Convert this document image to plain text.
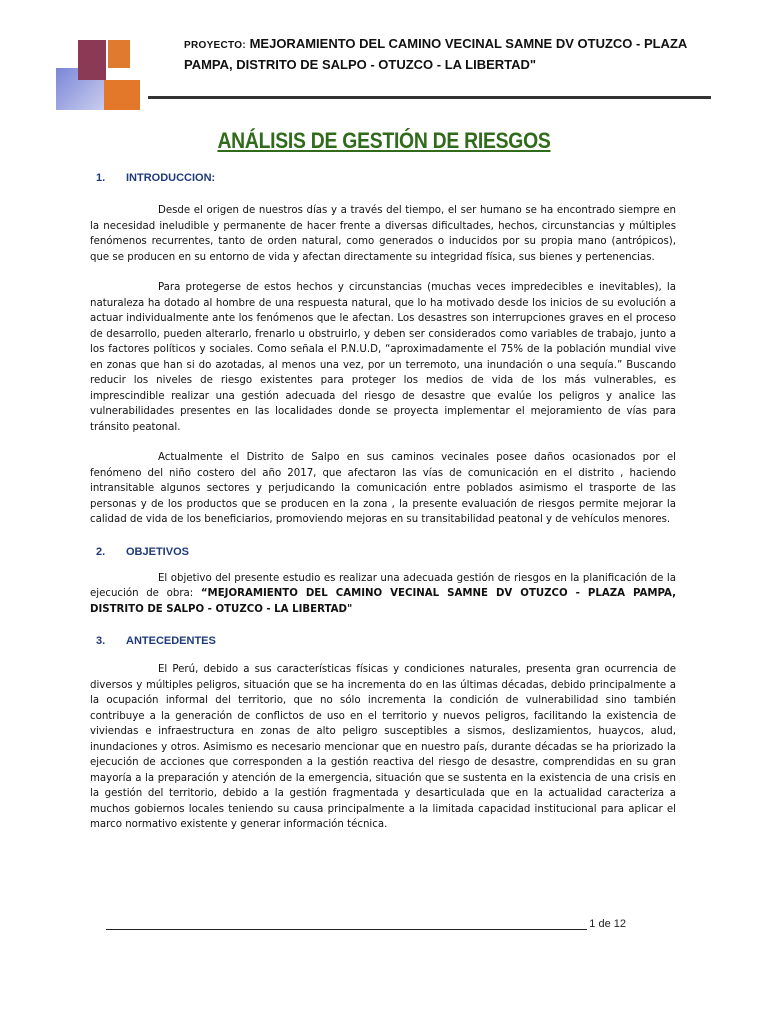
PROYECTO: MEJORAMIENTO DEL CAMINO VECINAL SAMNE DV OTUZCO - PLAZA
PAMPA, DISTRITO DE SALPO - OTUZCO - LA LIBERTAD"
ANÁLISIS DE GESTIÓN DE RIESGOS
1.	INTRODUCCION:

Desde el origen de nuestros días y a través del tiempo, el ser humano se ha encontrado siempre en la necesidad ineludible y permanente de hacer frente a diversas dificultades, hechos, circunstancias y múltiples fenómenos recurrentes, tanto de orden natural, como generados o inducidos por su propia mano (antrópicos), que se producen en su entorno de vida y afectan directamente su integridad física, sus bienes y pertenencias.

Para protegerse de estos hechos y circunstancias (muchas veces impredecibles e inevitables), la naturaleza ha dotado al hombre de una respuesta natural, que lo ha motivado desde los inicios de su evolución a actuar individualmente ante los fenómenos que le afectan. Los desastres son interrupciones graves en el proceso de desarrollo, pueden alterarlo, frenarlo u obstruirlo, y deben ser considerados como variables de trabajo, junto a los factores políticos y sociales. Como señala el P.N.U.D, “aproximadamente el 75% de la población mundial vive en zonas que han si do azotadas, al menos una vez, por un terremoto, una inundación o una sequía.” Buscando reducir los niveles de riesgo existentes para proteger los medios de vida de los más vulnerables, es imprescindible realizar una gestión adecuada del riesgo de desastre que evalúe los peligros y analice las vulnerabilidades presentes en las localidades donde se proyecta implementar el mejoramiento de vías para tránsito peatonal.

Actualmente el Distrito de Salpo en sus caminos vecinales posee daños ocasionados por el fenómeno del niño costero del año 2017, que afectaron las vías de comunicación en el distrito , haciendo intransitable algunos sectores y perjudicando la comunicación entre poblados asimismo el trasporte de las personas y de los productos que se producen en la zona , la presente evaluación de riesgos permite mejorar la calidad de vida de los beneficiarios, promoviendo mejoras en su transitabilidad peatonal y de vehículos menores.

2.	OBJETIVOS

El objetivo del presente estudio es realizar una adecuada gestión de riesgos en la planificación de la ejecución de obra: “MEJORAMIENTO DEL CAMINO VECINAL SAMNE DV OTUZCO - PLAZA PAMPA, DISTRITO DE SALPO - OTUZCO - LA LIBERTAD"

3.	ANTECEDENTES

El Perú, debido a sus características físicas y condiciones naturales, presenta gran ocurrencia de diversos y múltiples peligros, situación que se ha incrementa do en las últimas décadas, debido principalmente a la ocupación informal del territorio, que no sólo incrementa la condición de vulnerabilidad sino también contribuye a la generación de conflictos de uso en el territorio y nuevos peligros, facilitando la existencia de viviendas e infraestructura en zonas de alto peligro susceptibles a sismos, deslizamientos, huaycos, alud, inundaciones y otros. Asimismo es necesario mencionar que en nuestro país, durante décadas se ha priorizado la ejecución de acciones que corresponden a la gestión reactiva del riesgo de desastre, comprendidas en su gran mayoría a la preparación y atención de la emergencia, situación que se sustenta en la existencia de una crisis en la gestión del territorio, debido a la gestión fragmentada y desarticulada que en la actualidad caracteriza a muchos gobiernos locales teniendo su causa principalmente a la limitada capacidad institucional para aplicar el marco normativo existente y generar información técnica.

1 de 12
